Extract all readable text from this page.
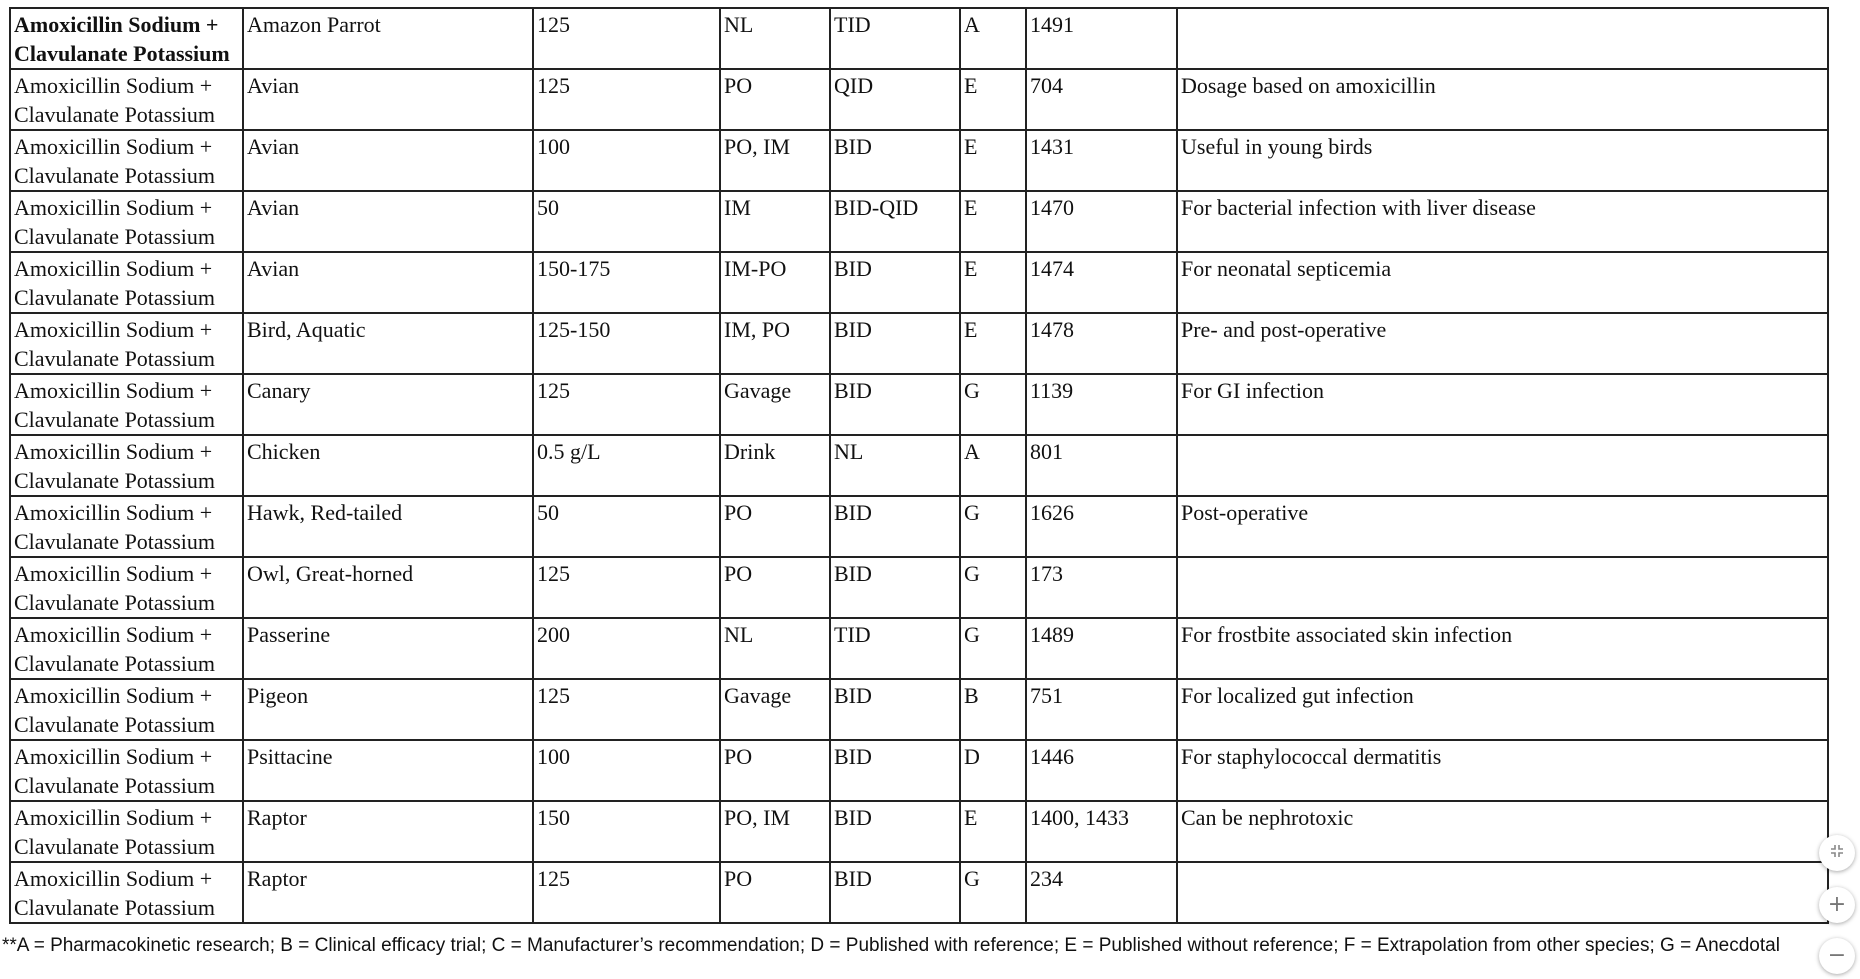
Amoxicillin Sodium + Clavulanate Potassium	Amazon Parrot	125	NL	TID	A	1491	
Amoxicillin Sodium + Clavulanate Potassium	Avian	125	PO	QID	E	704	Dosage based on amoxicillin
Amoxicillin Sodium + Clavulanate Potassium	Avian	100	PO, IM	BID	E	1431	Useful in young birds
Amoxicillin Sodium + Clavulanate Potassium	Avian	50	IM	BID-QID	E	1470	For bacterial infection with liver disease
Amoxicillin Sodium + Clavulanate Potassium	Avian	150-175	IM-PO	BID	E	1474	For neonatal septicemia
Amoxicillin Sodium + Clavulanate Potassium	Bird, Aquatic	125-150	IM, PO	BID	E	1478	Pre- and post-operative
Amoxicillin Sodium + Clavulanate Potassium	Canary	125	Gavage	BID	G	1139	For GI infection
Amoxicillin Sodium + Clavulanate Potassium	Chicken	0.5 g/L	Drink	NL	A	801	
Amoxicillin Sodium + Clavulanate Potassium	Hawk, Red-tailed	50	PO	BID	G	1626	Post-operative
Amoxicillin Sodium + Clavulanate Potassium	Owl, Great-horned	125	PO	BID	G	173	
Amoxicillin Sodium + Clavulanate Potassium	Passerine	200	NL	TID	G	1489	For frostbite associated skin infection
Amoxicillin Sodium + Clavulanate Potassium	Pigeon	125	Gavage	BID	B	751	For localized gut infection
Amoxicillin Sodium + Clavulanate Potassium	Psittacine	100	PO	BID	D	1446	For staphylococcal dermatitis
Amoxicillin Sodium + Clavulanate Potassium	Raptor	150	PO, IM	BID	E	1400, 1433	Can be nephrotoxic
Amoxicillin Sodium + Clavulanate Potassium	Raptor	125	PO	BID	G	234	
**A = Pharmacokinetic research; B = Clinical efficacy trial; C = Manufacturer’s recommendation; D = Published with reference; E = Published without reference; F = Extrapolation from other species; G = Anecdotal
+
−
